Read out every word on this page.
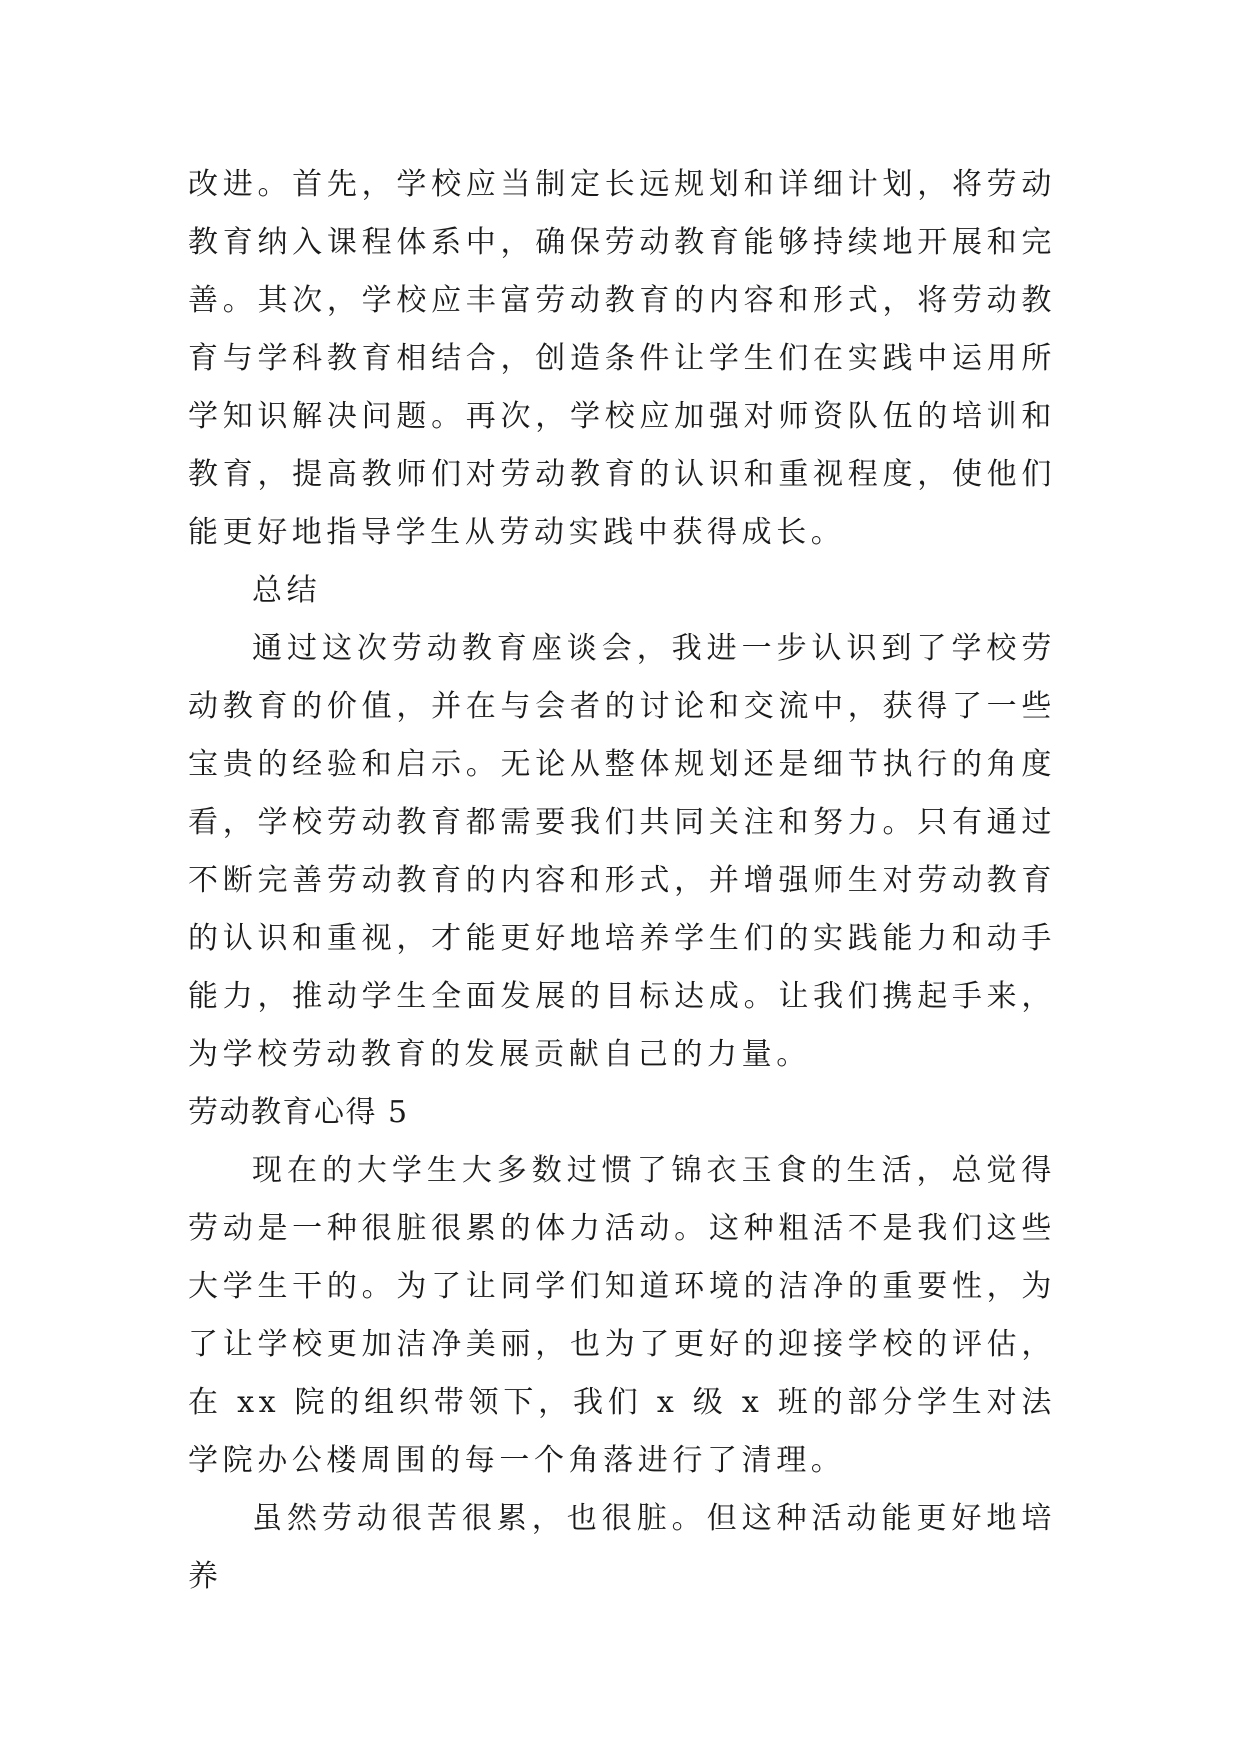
改进。首先，学校应当制定长远规划和详细计划，将劳动教育纳入课程体系中，确保劳动教育能够持续地开展和完善。其次，学校应丰富劳动教育的内容和形式，将劳动教育与学科教育相结合，创造条件让学生们在实践中运用所学知识解决问题。再次，学校应加强对师资队伍的培训和教育，提高教师们对劳动教育的认识和重视程度，使他们能更好地指导学生从劳动实践中获得成长。

总结

通过这次劳动教育座谈会，我进一步认识到了学校劳动教育的价值，并在与会者的讨论和交流中，获得了一些宝贵的经验和启示。无论从整体规划还是细节执行的角度看，学校劳动教育都需要我们共同关注和努力。只有通过不断完善劳动教育的内容和形式，并增强师生对劳动教育的认识和重视，才能更好地培养学生们的实践能力和动手能力，推动学生全面发展的目标达成。让我们携起手来，为学校劳动教育的发展贡献自己的力量。

劳动教育心得 5

现在的大学生大多数过惯了锦衣玉食的生活，总觉得劳动是一种很脏很累的体力活动。这种粗活不是我们这些大学生干的。为了让同学们知道环境的洁净的重要性，为了让学校更加洁净美丽，也为了更好的迎接学校的评估，在 xx 院的组织带领下，我们 x 级 x 班的部分学生对法学院办公楼周围的每一个角落进行了清理。

虽然劳动很苦很累，也很脏。但这种活动能更好地培养
